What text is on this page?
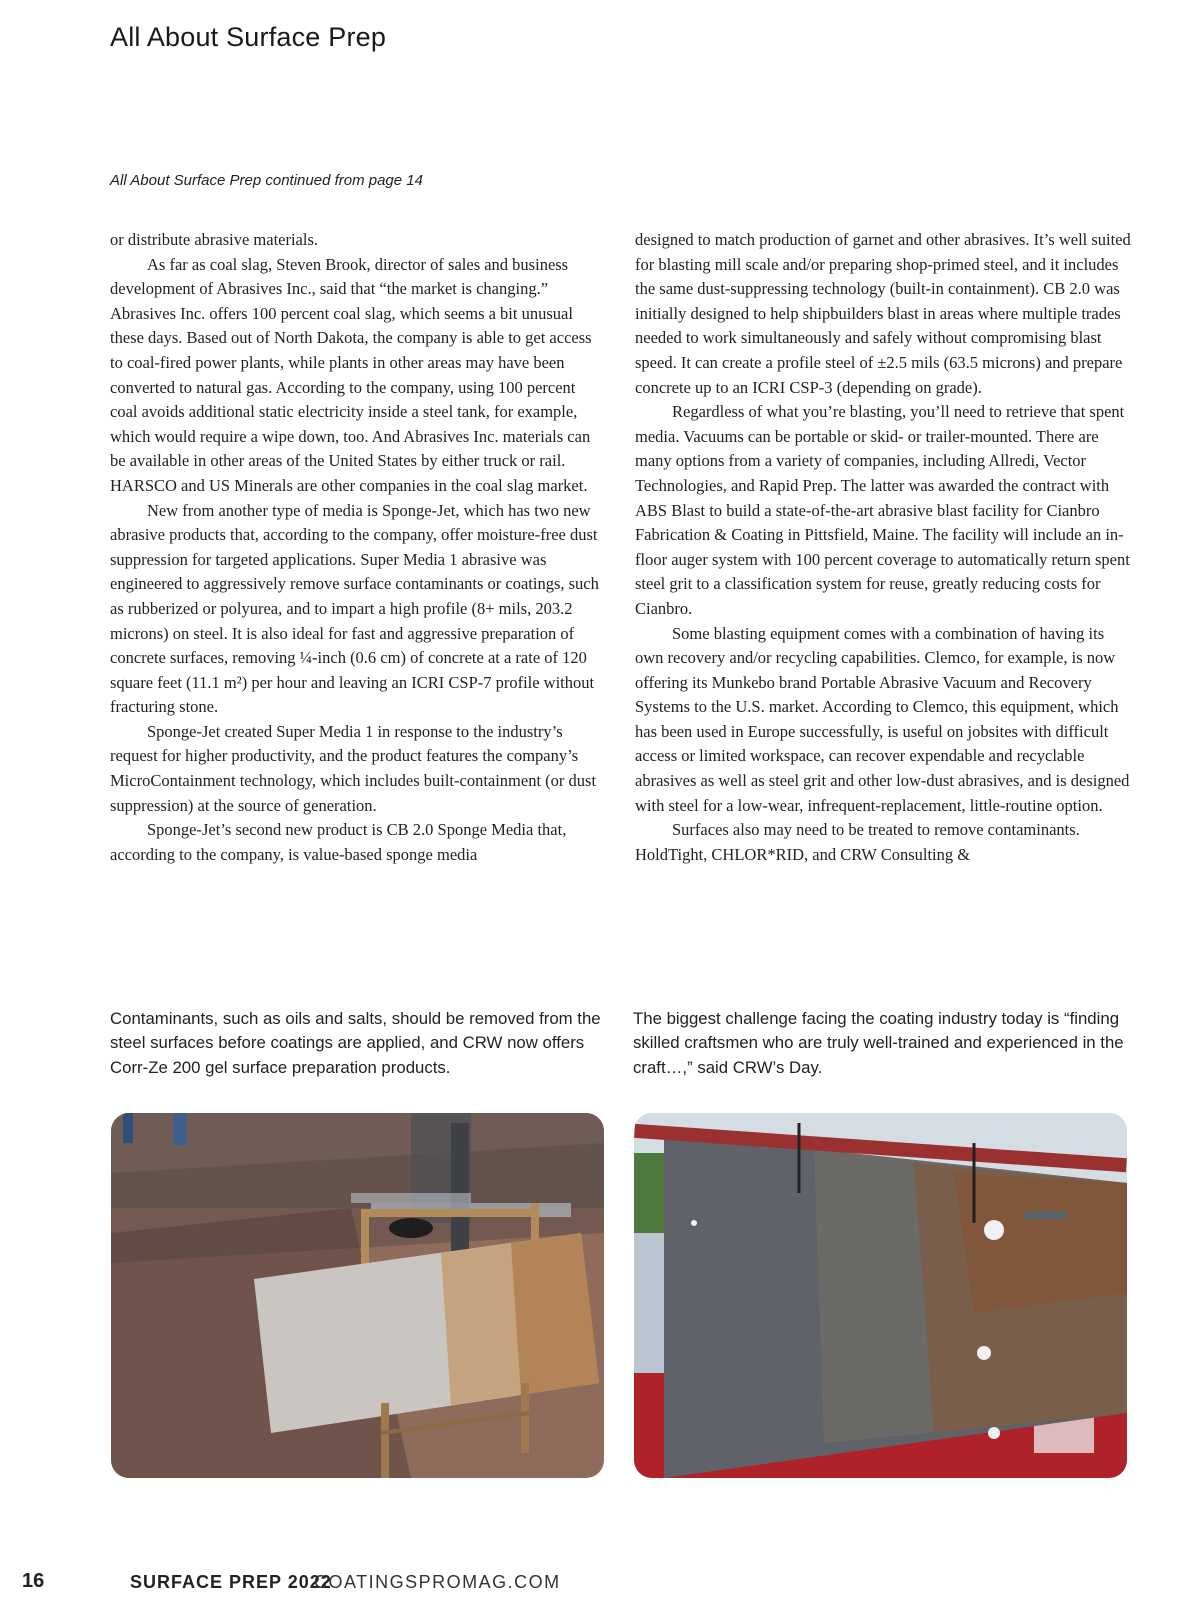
All About Surface Prep
All About Surface Prep continued from page 14

or distribute abrasive materials.

As far as coal slag, Steven Brook, director of sales and business development of Abrasives Inc., said that “the market is changing.” Abrasives Inc. offers 100 percent coal slag, which seems a bit unusual these days. Based out of North Dakota, the company is able to get access to coal-fired power plants, while plants in other areas may have been converted to natural gas. According to the company, using 100 percent coal avoids additional static electricity inside a steel tank, for example, which would require a wipe down, too. And Abrasives Inc. materials can be available in other areas of the United States by either truck or rail. HARSCO and US Minerals are other companies in the coal slag market.

New from another type of media is Sponge-Jet, which has two new abrasive products that, according to the company, offer moisture-free dust suppression for targeted applications. Super Media 1 abrasive was engineered to aggressively remove surface contaminants or coatings, such as rubberized or polyurea, and to impart a high profile (8+ mils, 203.2 microns) on steel. It is also ideal for fast and aggressive preparation of concrete surfaces, removing ¼-inch (0.6 cm) of concrete at a rate of 120 square feet (11.1 m²) per hour and leaving an ICRI CSP-7 profile without fracturing stone.

Sponge-Jet created Super Media 1 in response to the industry’s request for higher productivity, and the product features the company’s MicroContainment technology, which includes built-containment (or dust suppression) at the source of generation.

Sponge-Jet’s second new product is CB 2.0 Sponge Media that, according to the company, is value-based sponge media

designed to match production of garnet and other abrasives. It’s well suited for blasting mill scale and/or preparing shop-primed steel, and it includes the same dust-suppressing technology (built-in containment). CB 2.0 was initially designed to help shipbuilders blast in areas where multiple trades needed to work simultaneously and safely without compromising blast speed. It can create a profile steel of ±2.5 mils (63.5 microns) and prepare concrete up to an ICRI CSP-3 (depending on grade).

Regardless of what you’re blasting, you’ll need to retrieve that spent media. Vacuums can be portable or skid- or trailer-mounted. There are many options from a variety of companies, including Allredi, Vector Technologies, and Rapid Prep. The latter was awarded the contract with ABS Blast to build a state-of-the-art abrasive blast facility for Cianbro Fabrication & Coating in Pittsfield, Maine. The facility will include an in-floor auger system with 100 percent coverage to automatically return spent steel grit to a classification system for reuse, greatly reducing costs for Cianbro.

Some blasting equipment comes with a combination of having its own recovery and/or recycling capabilities. Clemco, for example, is now offering its Munkebo brand Portable Abrasive Vacuum and Recovery Systems to the U.S. market. According to Clemco, this equipment, which has been used in Europe successfully, is useful on jobsites with difficult access or limited workspace, can recover expendable and recyclable abrasives as well as steel grit and other low-dust abrasives, and is designed with steel for a low-wear, infrequent-replacement, little-routine option.

Surfaces also may need to be treated to remove contaminants. HoldTight, CHLOR*RID, and CRW Consulting &

Contaminants, such as oils and salts, should be removed from the steel surfaces before coatings are applied, and CRW now offers Corr-Ze 200 gel surface preparation products.
The biggest challenge facing the coating industry today is “finding skilled craftsmen who are truly well-trained and experienced in the craft…,” said CRW’s Day.
ulation
16	SURFACE PREP 2022
COATINGSPROMAG.COM
